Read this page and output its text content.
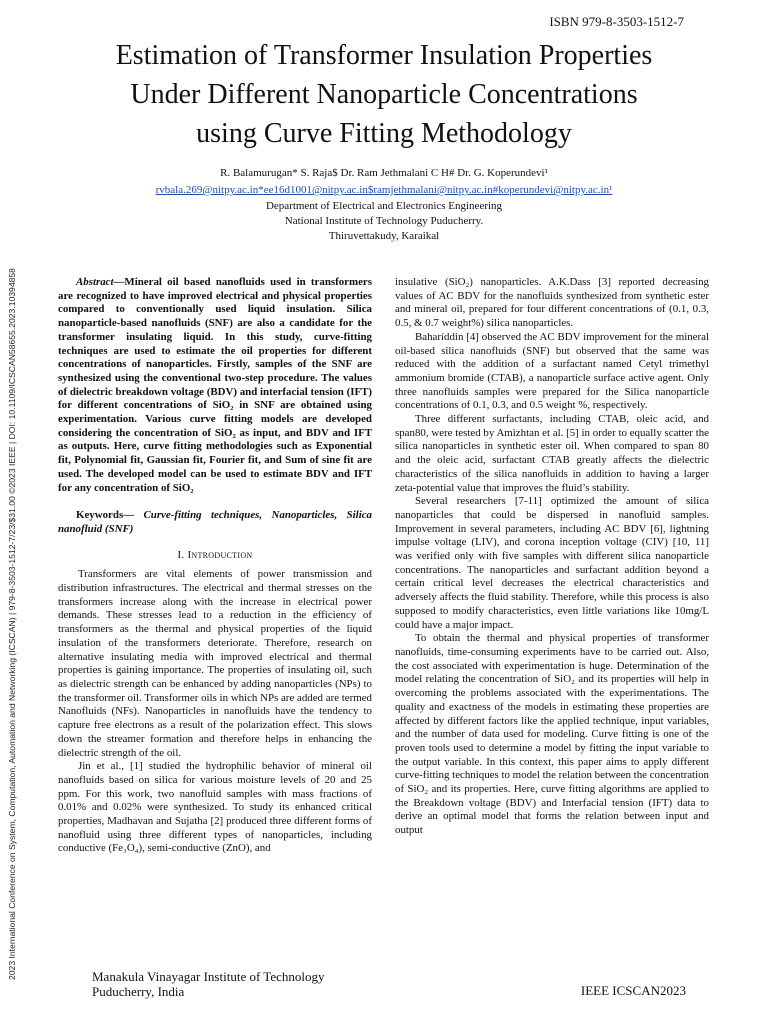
ISBN 979-8-3503-1512-7
Estimation of Transformer Insulation Properties
Under Different Nanoparticle Concentrations
using Curve Fitting Methodology
R. Balamurugan* S. Raja$ Dr. Ram Jethmalani C H# Dr. G. Koperundevi¹
rvbala.269@nitpy.ac.in*ee16d1001@nitpy.ac.in$ramjethmalani@nitpy.ac.in#koperundevi@nitpy.ac.in¹
Department of Electrical and Electronics Engineering
National Institute of Technology Puducherry.
Thiruvettakudy, Karaikal
2023 International Conference on System, Computation, Automation and Networking (ICSCAN) | 979-8-3503-1512-7/23/$31.00 ©2023 IEEE | DOI: 10.1109/ICSCAN58655.2023.10394858	Abstract—Mineral oil based nanofluids used in transformers are recognized to have improved electrical and physical properties compared to conventionally used liquid insulation. Silica nanoparticle-based nanofluids (SNF) are also a candidate for the transformer insulating liquid. In this study, curve-fitting techniques are used to estimate the oil properties for different concentrations of nanoparticles. Firstly, samples of the SNF are synthesized using the conventional two-step procedure. The values of dielectric breakdown voltage (BDV) and interfacial tension (IFT) for different concentrations of SiO₂ in SNF are obtained using experimentation. Various curve fitting models are developed considering the concentration of SiO₂ as input, and BDV and IFT as outputs. Here, curve fitting methodologies such as Exponential fit, Polynomial fit, Gaussian fit, Fourier fit, and Sum of sine fit are used. The developed model can be used to estimate BDV and IFT for any concentration of SiO₂

Keywords— Curve-fitting techniques, Nanoparticles, Silica nanofluid (SNF)

I. Introduction

Transformers are vital elements of power transmission and distribution infrastructures. The electrical and thermal stresses on the transformers increase along with the increase in electrical power demands. These stresses lead to a reduction in the efficiency of transformers as the thermal and physical properties of the liquid insulation of the transformers deteriorate. Therefore, research on alternative insulating media with improved electrical and thermal properties is gaining importance. The properties of insulating oil, such as dielectric strength can be enhanced by adding nanoparticles (NPs) to the transformer oil. Transformer oils in which NPs are added are termed Nanofluids (NFs). Nanoparticles in nanofluids have the tendency to capture free electrons as a result of the polarization effect. This slows down the streamer formation and therefore helps in enhancing the dielectric strength of the oil.

Jin et al., [1] studied the hydrophilic behavior of mineral oil nanofluids based on silica for various moisture levels of 20 and 25 ppm. For this work, two nanofluid samples with mass fractions of 0.01% and 0.02% were synthesized. To study its enhanced critical properties, Madhavan and Sujatha [2] produced three different forms of nanofluid using three different types of nanoparticles, including conductive (Fe₃O₄), semi-conductive (ZnO), and

insulative (SiO₂) nanoparticles. A.K.Dass [3] reported decreasing values of AC BDV for the nanofluids synthesized from synthetic ester and mineral oil, prepared for four different concentrations of (0.1, 0.3, 0.5, & 0.7 weight%) silica nanoparticles.

Baharíddin [4] observed the AC BDV improvement for the mineral oil-based silica nanofluids (SNF) but observed that the same was reduced with the addition of a surfactant named Cetyl trimethyl ammonium bromide (CTAB), a nanoparticle surface active agent. Only three nanofluids samples were prepared for the Silica nanoparticle concentrations of 0.1, 0.3, and 0.5 weight %, respectively.

Three different surfactants, including CTAB, oleic acid, and span80, were tested by Amizhtan et al. [5] in order to equally scatter the silica nanoparticles in synthetic ester oil. When compared to span 80 and the oleic acid, surfactant CTAB greatly affects the dielectric characteristics of the silica nanofluids in addition to having a larger zeta-potential value that improves the fluid’s stability.

Several researchers [7-11] optimized the amount of silica nanoparticles that could be dispersed in nanofluid samples. Improvement in several parameters, including AC BDV [6], lightning impulse voltage (LIV), and corona inception voltage (CIV) [10, 11] was verified only with five samples with different silica nanoparticle concentrations. The nanoparticles and surfactant addition beyond a certain critical level decreases the electrical characteristics and adversely affects the fluid stability. Therefore, while this process is also supposed to modify characteristics, even little variations like 10mg/L could have a major impact.

To obtain the thermal and physical properties of transformer nanofluids, time-consuming experiments have to be carried out. Also, the cost associated with experimentation is huge. Determination of the model relating the concentration of SiO₂ and its properties will help in overcoming the problems associated with the experimentations. The quality and exactness of the models in estimating these properties are affected by different factors like the applied technique, input variables, and the number of data used for modeling. Curve fitting is one of the proven tools used to determine a model by fitting the input variable to the output variable. In this context, this paper aims to apply different curve-fitting techniques to model the relation between the concentration of SiO₂ and its properties. Here, curve fitting algorithms are applied to the Breakdown voltage (BDV) and Interfacial tension (IFT) data to derive an optimal model that forms the relation between input and output

Manakula Vinayagar Institute of Technology
Puducherry, India	IEEE ICSCAN2023
